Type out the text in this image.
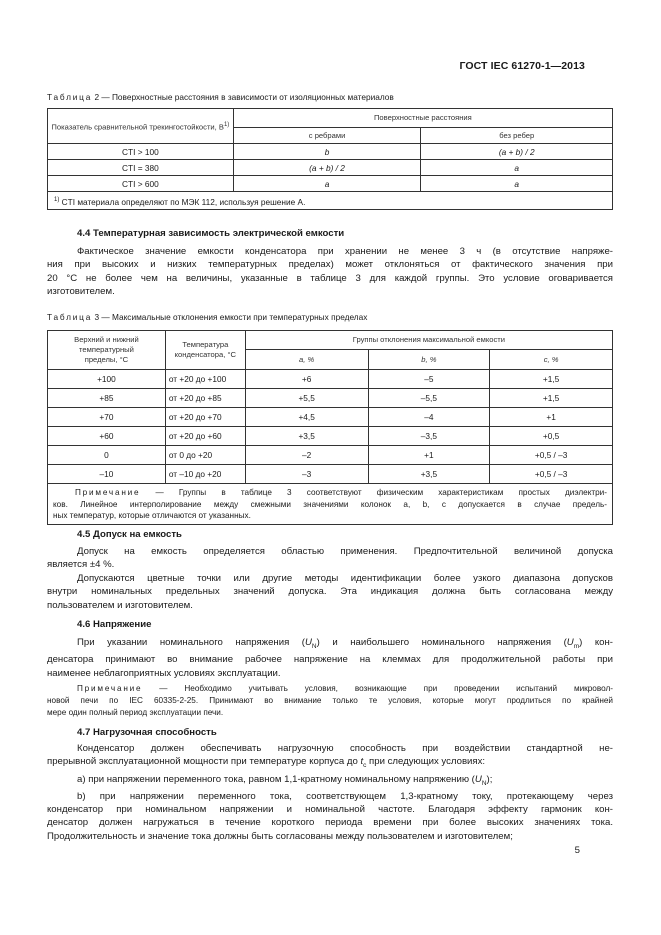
ГОСТ IEC 61270-1—2013
Таблица 2 — Поверхностные расстояния в зависимости от изоляционных материалов
Показатель сравнительной трекингостойкости, $В^{1)}$	Поверхностные расстояния	
	с ребрами	без ребер
CTI > 100	b	(a + b) / 2
CTI = 380	(a + b) / 2	a
CTI > 600	a	a
$^{1)}$ CTI материала определяют по МЭК 112, используя решение А.		
4.4 Температурная зависимость электрической емкости
Фактическое значение емкости конденсатора при хранении не менее 3 ч (в отсутствие напряже-
ния при высоких и низких температурных пределах) может отклоняться от фактического значения при
20 °С не более чем на величины, указанные в таблице 3 для каждой группы. Это условие оговаривается
изготовителем.
Таблица 3 — Максимальные отклонения емкости при температурных пределах
Верхний и нижний
температурный
пределы, °С	Температура
конденсатора, °С	Группы отклонения максимальной емкости		
		a, %	b, %	c, %
+100	от +20 до +100	+6	–5	+1,5
+85	от +20 до +85	+5,5	–5,5	+1,5
+70	от +20 до +70	+4,5	–4	+1
+60	от +20 до +60	+3,5	–3,5	+0,5
0	от 0 до +20	–2	+1	+0,5 / –3
–10	от –10 до +20	–3	+3,5	+0,5 / –3

Примечание — Группы в таблице 3 соответствуют физическим характеристикам простых диэлектри-
ков. Линейное интерполирование между смежными значениями колонок a, b, c допускается в случае предель-
ных температур, которые отличаются от указанных.				
4.5 Допуск на емкость
Допуск на емкость определяется областью применения. Предпочтительной величиной допуска
является ±4 %.
Допускаются цветные точки или другие методы идентификации более узкого диапазона допусков
внутри номинальных предельных значений допуска. Эта индикация должна быть согласована между
пользователем и изготовителем.
4.6 Напряжение
При указании номинального напряжения $(U_N)$ и наибольшего номинального напряжения $(U_m)$ кон-
денсатора принимают во внимание рабочее напряжение на клеммах для продолжительной работы при
наименее неблагоприятных условиях эксплуатации.
Примечание — Необходимо учитывать условия, возникающие при проведении испытаний микровол-
новой печи по IEC 60335-2-25. Принимают во внимание только те условия, которые могут продлиться по крайней
мере один полный период эксплуатации печи.
4.7 Нагрузочная способность
Конденсатор должен обеспечивать нагрузочную способность при воздействии стандартной не-
прерывной эксплуатационной мощности при температуре корпуса до $t_c$ при следующих условиях:
a) при напряжении переменного тока, равном 1,1-кратному номинальному напряжению $(U_N)$;
b) при напряжении переменного тока, соответствующем 1,3-кратному току, протекающему через
конденсатор при номинальном напряжении и номинальной частоте. Благодаря эффекту гармоник кон-
денсатор должен нагружаться в течение короткого периода времени при более высоких значениях тока.
Продолжительность и значение тока должны быть согласованы между пользователем и изготовителем;
5
